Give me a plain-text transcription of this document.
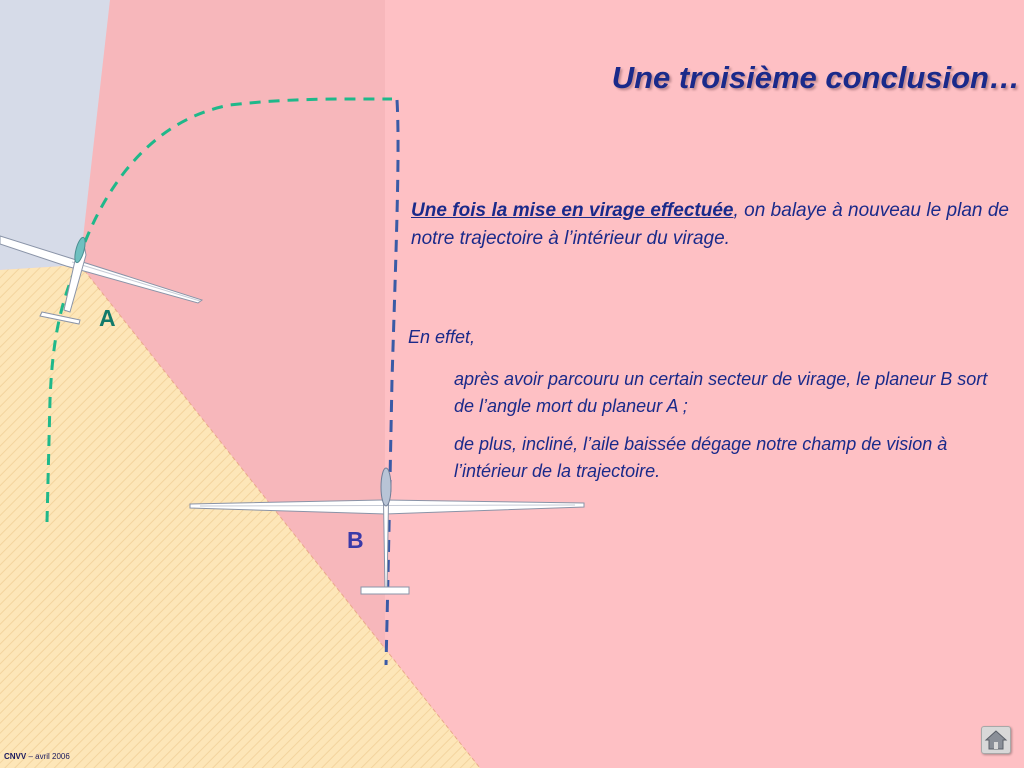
Une troisième conclusion…
Une fois la mise en virage effectuée, on balaye à nouveau le plan de notre trajectoire à l’intérieur du virage.
En effet,
après avoir parcouru un certain secteur de virage, le planeur B sort de l’angle mort du planeur A ;
de plus, incliné, l’aile baissée dégage notre champ de vision à l’intérieur de la trajectoire.
A
B
CNVV – avril 2006
